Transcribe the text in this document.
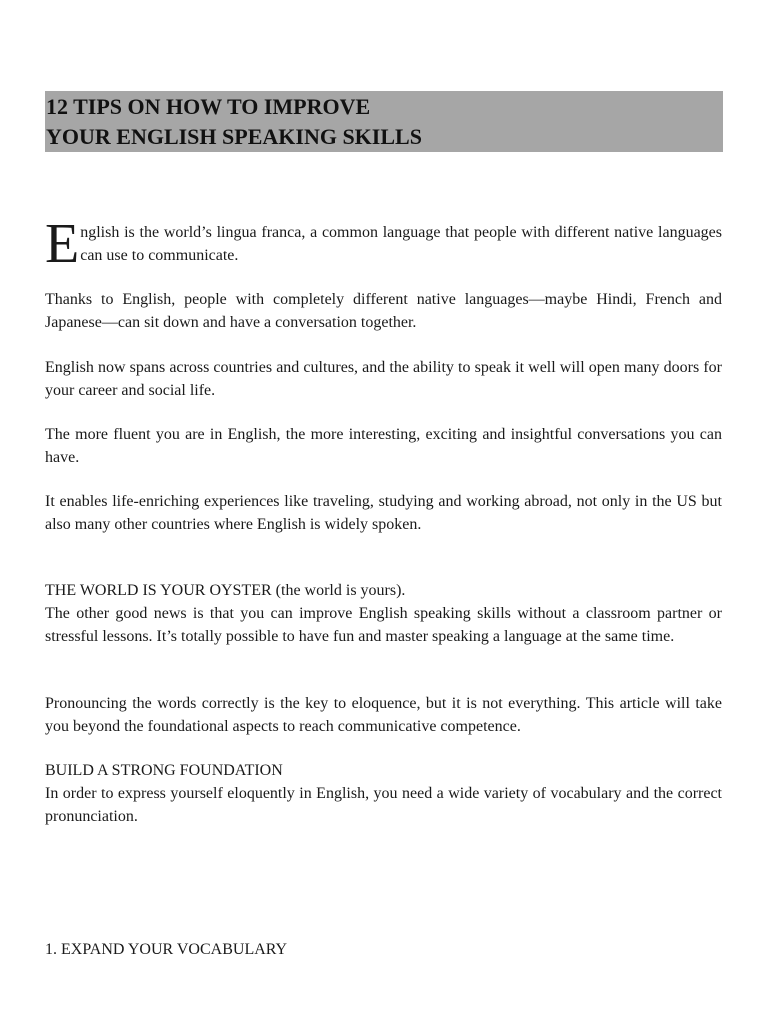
12 TIPS ON HOW TO IMPROVE
YOUR ENGLISH SPEAKING SKILLS
English is the world’s lingua franca, a common language that people with different native languages can use to communicate.
Thanks to English, people with completely different native languages—maybe Hindi, French and Japanese—can sit down and have a conversation together.
English now spans across countries and cultures, and the ability to speak it well will open many doors for your career and social life.
The more fluent you are in English, the more interesting, exciting and insightful conversations you can have.
It enables life-enriching experiences like traveling, studying and working abroad, not only in the US but also many other countries where English is widely spoken.
THE WORLD IS YOUR OYSTER (the world is yours).
The other good news is that you can improve English speaking skills without a classroom partner or stressful lessons. It’s totally possible to have fun and master speaking a language at the same time.
Pronouncing the words correctly is the key to eloquence, but it is not everything. This article will take you beyond the foundational aspects to reach communicative competence.
BUILD A STRONG FOUNDATION
In order to express yourself eloquently in English, you need a wide variety of vocabulary and the correct pronunciation.
1. EXPAND YOUR VOCABULARY
